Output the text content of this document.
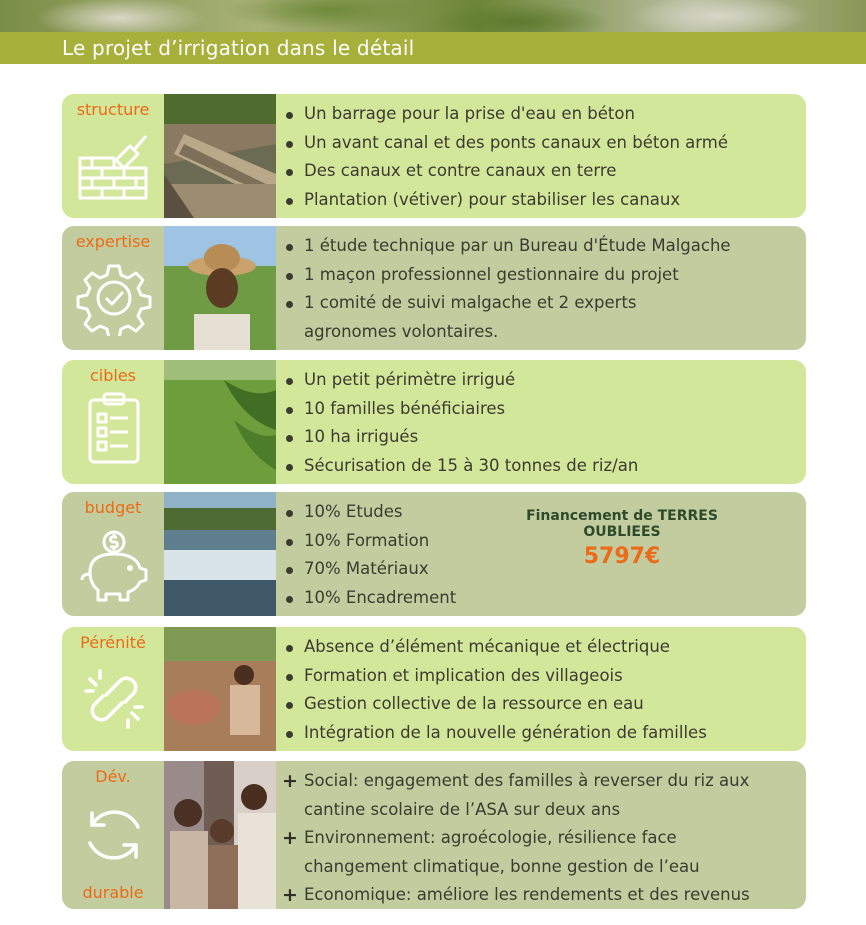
Le projet d’irrigation dans le détail
structure	Un barrage pour la prise d'eau en béton
Un avant canal et des ponts canaux en béton armé
Des canaux et contre canaux en terre
Plantation (vétiver) pour stabiliser les canaux
expertise	1 étude technique par un Bureau d'Étude Malgache
1 maçon professionnel gestionnaire du projet
1 comité de suivi malgache et 2 experts
agronomes volontaires.
cibles	Un petit périmètre irrigué
10 familles bénéficiaires
10 ha irrigués
Sécurisation de 15 à 30 tonnes de riz/an
budget	10% Etudes
10% Formation
70% Matériaux
10% Encadrement
Financement de TERRES OUBLIEES
5797€
Pérénité	Absence d’élément mécanique et électrique
Formation et implication des villageois
Gestion collective de la ressource en eau
Intégration de la nouvelle génération de familles
Dév.
durable
+ Social: engagement des familles à reverser du riz aux
cantine scolaire de l’ASA sur deux ans
+ Environnement: agroécologie, résilience face
changement climatique, bonne gestion de l’eau
+ Economique: améliore les rendements et des revenus
